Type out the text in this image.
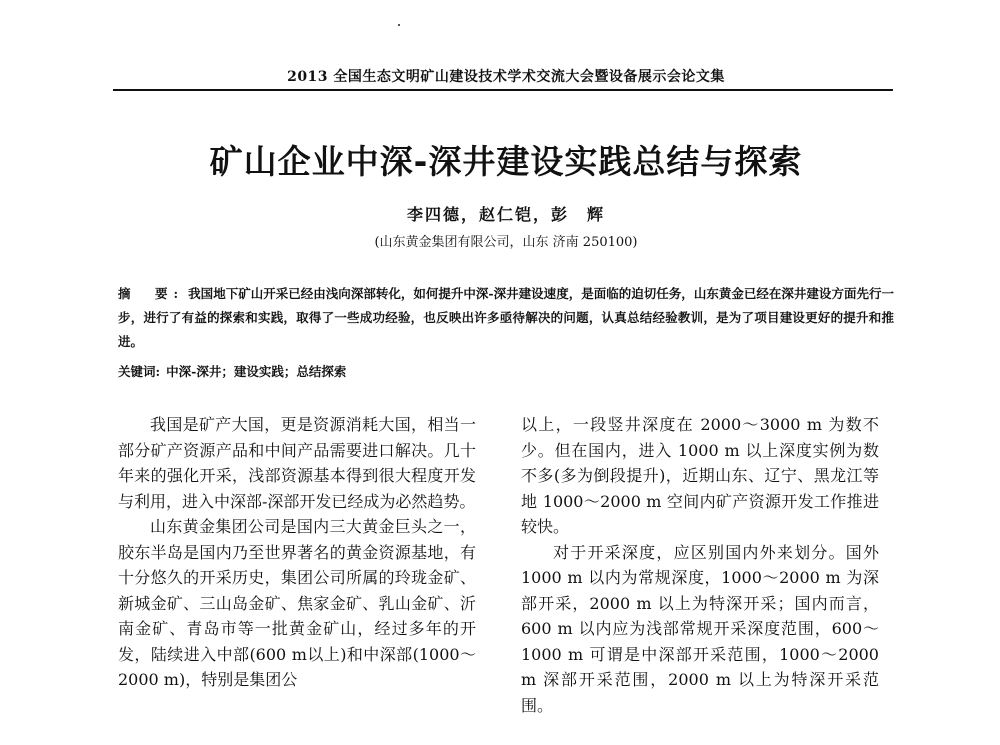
2013 全国生态文明矿山建设技术学术交流大会暨设备展示会论文集
矿山企业中深-深井建设实践总结与探索
李四德，赵仁铠，彭　辉
(山东黄金集团有限公司，山东 济南 250100)
摘　要: 我国地下矿山开采已经由浅向深部转化，如何提升中深-深井建设速度，是面临的迫切任务，山东黄金已经在深井建设方面先行一步，进行了有益的探索和实践，取得了一些成功经验，也反映出许多亟待解决的问题，认真总结经验教训，是为了项目建设更好的提升和推进。
关键词: 中深-深井；建设实践；总结探索

我国是矿产大国，更是资源消耗大国，相当一部分矿产资源产品和中间产品需要进口解决。几十年来的强化开采，浅部资源基本得到很大程度开发与利用，进入中深部-深部开发已经成为必然趋势。

山东黄金集团公司是国内三大黄金巨头之一，胶东半岛是国内乃至世界著名的黄金资源基地，有十分悠久的开采历史，集团公司所属的玲珑金矿、新城金矿、三山岛金矿、焦家金矿、乳山金矿、沂南金矿、青岛市等一批黄金矿山，经过多年的开发，陆续进入中部(600 m以上)和中深部(1000～2000 m)，特别是集团公

以上，一段竖井深度在 2000～3000 m 为数不少。但在国内，进入 1000 m 以上深度实例为数不多(多为倒段提升)，近期山东、辽宁、黑龙江等地 1000～2000 m 空间内矿产资源开发工作推进较快。

对于开采深度，应区别国内外来划分。国外 1000 m 以内为常规深度，1000～2000 m 为深部开采，2000 m 以上为特深开采；国内而言，600 m 以内应为浅部常规开采深度范围，600～1000 m 可谓是中深部开采范围，1000～2000 m 深部开采范围，2000 m 以上为特深开采范围。
